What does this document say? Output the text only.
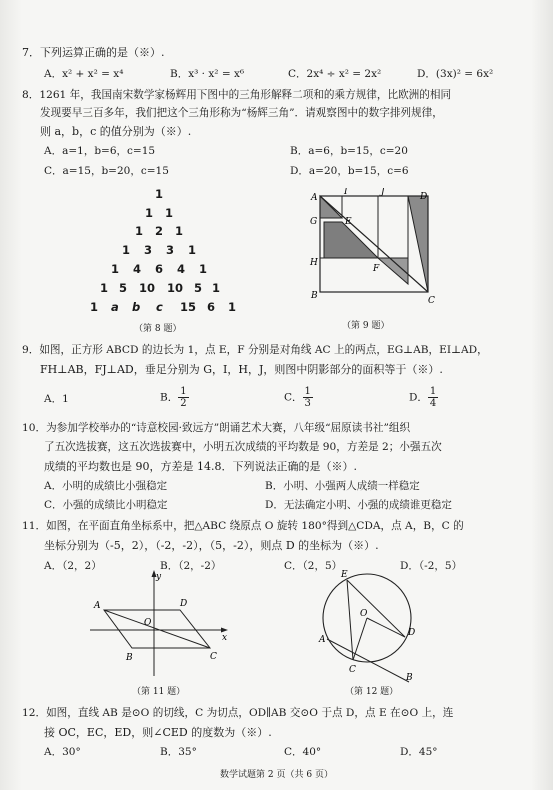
7．下列运算正确的是（※）.
A．x² + x² = x⁴	B．x³ · x² = x⁶	C．2x⁴ ÷ x² = 2x²	D．(3x)² = 6x²
8．1261 年，我国南宋数学家杨辉用下图中的三角形解释二项和的乘方规律，比欧洲的相同
发现要早三百多年，我们把这个三角形称为“杨辉三角”．请观察图中的数字排列规律，
则 a，b，c 的值分别为（※）.
A．a=1，b=6，c=15	B．a=6，b=15，c=20
C．a=15，b=20，c=15	D．a=20，b=15，c=6
1
1 1
1 2 1
1 3 3 1
1 4 6 4 1
1 5 10 10 5 1
1 a b c 15 6 1
（第 8 题）
A
I	J	D
G	E
H
F
B	C
（第 9 题）
9．如图，正方形 ABCD 的边长为 1，点 E，F 分别是对角线 AC 上的两点，EG⊥AB，EI⊥AD，
FH⊥AB，FJ⊥AD，垂足分别为 G，I，H，J，则图中阴影部分的面积等于（※）.
A．1	B． $\frac{1}{2}$	C． $\frac{1}{3}$	D． $\frac{1}{4}$
10．为参加学校举办的“诗意校园·致远方”朗诵艺术大赛，八年级“屈原读书社”组织
了五次选拔赛，这五次选拔赛中，小明五次成绩的平均数是 90，方差是 2；小强五次
成绩的平均数也是 90，方差是 14.8．下列说法正确的是（※）.
A．小明的成绩比小强稳定	B．小明、小强两人成绩一样稳定
C．小强的成绩比小明稳定	D．无法确定小明、小强的成绩谁更稳定
11．如图，在平面直角坐标系中，把△ABC 绕原点 O 旋转 180°得到△CDA，点 A，B，C 的
坐标分别为（-5，2），（-2，-2），（5，-2），则点 D 的坐标为（※）.
A．（2，2）	B．（2，-2）	C．（2，5）	D．（-2，5）
y
x
A	D
O
B	C
（第 11 题）
E
O
D
A
C
B
（第 12 题）
12．如图，直线 AB 是⊙O 的切线，C 为切点，OD∥AB 交⊙O 于点 D，点 E 在⊙O 上，连
接 OC，EC，ED，则∠CED 的度数为（※）.
A．30°	B．35°	C．40°	D．45°
数学试题第 2 页（共 6 页）
